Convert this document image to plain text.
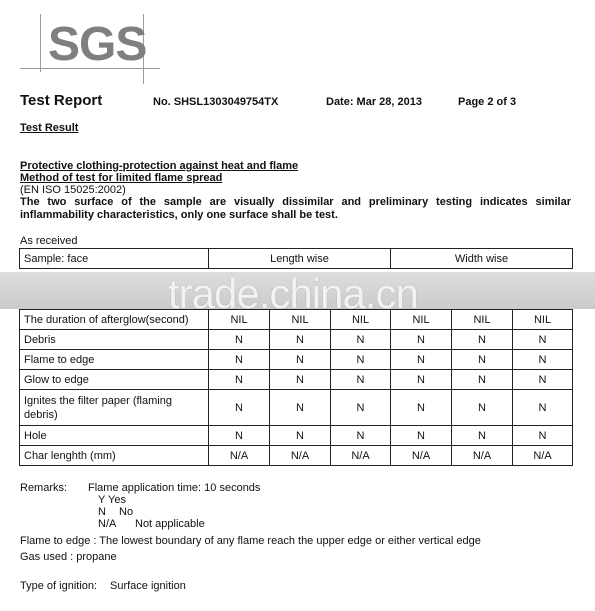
SGS
Test Report	No. SHSL1303049754TX	Date: Mar 28, 2013	Page 2 of 3
Test Result
Protective clothing-protection against heat and flame
Method of test for limited flame spread
(EN ISO 15025:2002)
The two surface of the sample are visually dissimilar and preliminary testing indicates similar inflammability characteristics, only one surface shall be test.
As received
Sample: face	Length wise	Width wise
trade.china.cn
The duration of afterglow(second)	NIL	NIL	NIL	NIL	NIL	NIL
Debris	N	N	N	N	N	N
Flame to edge	N	N	N	N	N	N
Glow to edge	N	N	N	N	N	N
Ignites the filter paper (flaming debris)	N	N	N	N	N	N
Hole	N	N	N	N	N	N
Char lenghth (mm)	N/A	N/A	N/A	N/A	N/A	N/A
Remarks: Flame application time: 10 seconds
Y Yes
N No
N/A Not applicable
Flame to edge : The lowest boundary of any flame reach the upper edge or either vertical edge
Gas used : propane
Type of ignition: Surface ignition
